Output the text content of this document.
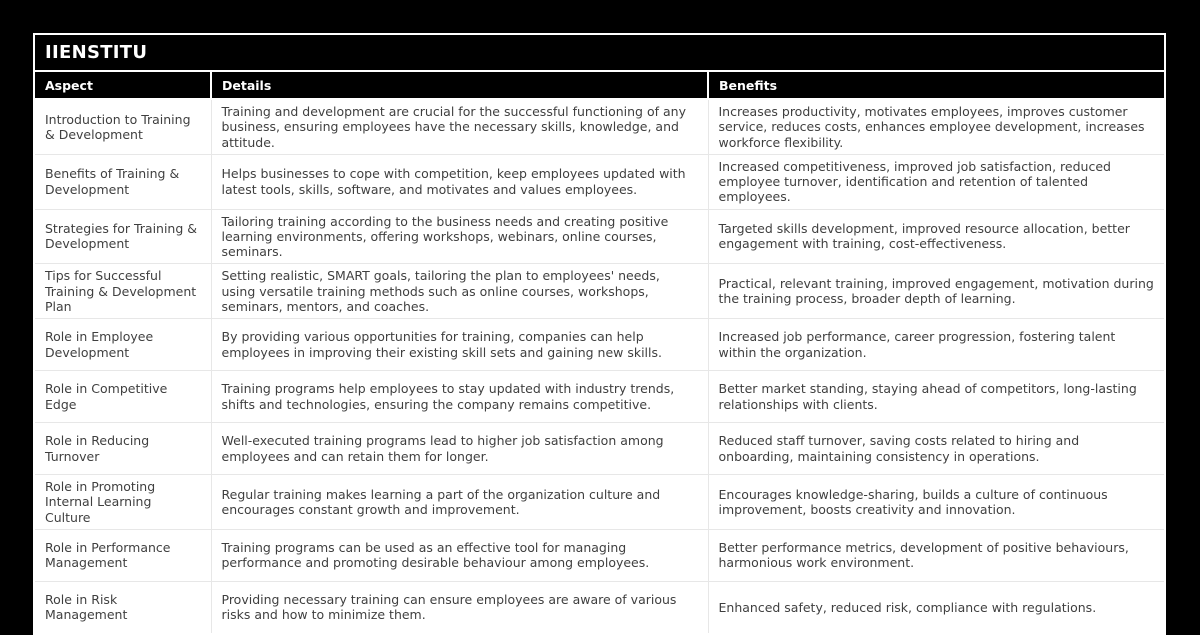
IIENSTITU
Aspect	Details	Benefits
Introduction to Training & Development	Training and development are crucial for the successful functioning of any business, ensuring employees have the necessary skills, knowledge, and attitude.	Increases productivity, motivates employees, improves customer service, reduces costs, enhances employee development, increases workforce flexibility.
Benefits of Training & Development	Helps businesses to cope with competition, keep employees updated with latest tools, skills, software, and motivates and values employees.	Increased competitiveness, improved job satisfaction, reduced employee turnover, identification and retention of talented employees.
Strategies for Training & Development	Tailoring training according to the business needs and creating positive learning environments, offering workshops, webinars, online courses, seminars.	Targeted skills development, improved resource allocation, better engagement with training, cost-effectiveness.
Tips for Successful Training & Development Plan	Setting realistic, SMART goals, tailoring the plan to employees' needs, using versatile training methods such as online courses, workshops, seminars, mentors, and coaches.	Practical, relevant training, improved engagement, motivation during the training process, broader depth of learning.
Role in Employee Development	By providing various opportunities for training, companies can help employees in improving their existing skill sets and gaining new skills.	Increased job performance, career progression, fostering talent within the organization.
Role in Competitive Edge	Training programs help employees to stay updated with industry trends, shifts and technologies, ensuring the company remains competitive.	Better market standing, staying ahead of competitors, long-lasting relationships with clients.
Role in Reducing Turnover	Well-executed training programs lead to higher job satisfaction among employees and can retain them for longer.	Reduced staff turnover, saving costs related to hiring and onboarding, maintaining consistency in operations.
Role in Promoting Internal Learning Culture	Regular training makes learning a part of the organization culture and encourages constant growth and improvement.	Encourages knowledge-sharing, builds a culture of continuous improvement, boosts creativity and innovation.
Role in Performance Management	Training programs can be used as an effective tool for managing performance and promoting desirable behaviour among employees.	Better performance metrics, development of positive behaviours, harmonious work environment.
Role in Risk Management	Providing necessary training can ensure employees are aware of various risks and how to minimize them.	Enhanced safety, reduced risk, compliance with regulations.
